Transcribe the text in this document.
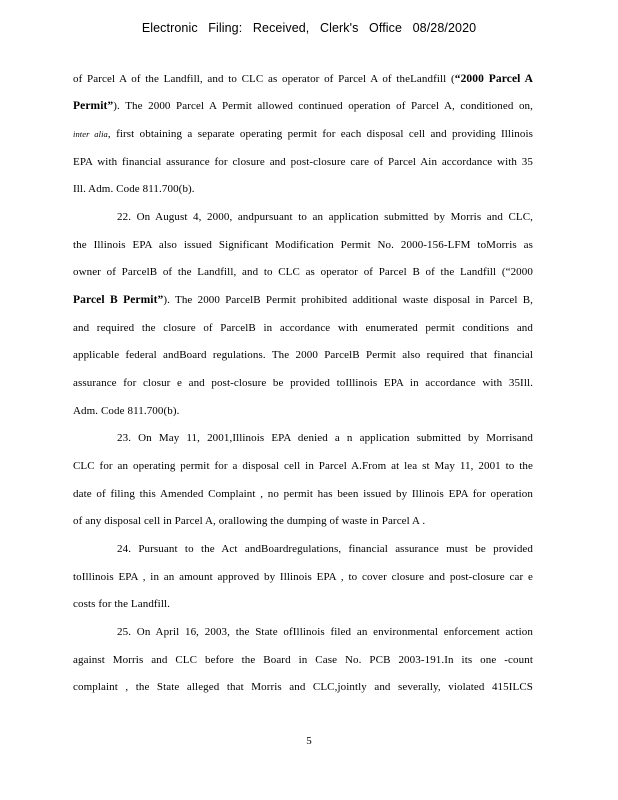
Electronic Filing: Received, Clerk's Office 08/28/2020
of Parcel A of the Landfill, and to CLC as operator of Parcel A of theLandfill (“2000 Parcel A
Permit”). The 2000 Parcel A Permit allowed continued operation of Parcel A, conditioned on,
inter alia, first obtaining a separate operating permit for each disposal cell and providing Illinois
EPA with financial assurance for closure and post-closure care of Parcel Ain accordance with 35
Ill. Adm. Code 811.700(b).
22. On August 4, 2000, andpursuant to an application submitted by Morris and CLC,
the Illinois EPA also issued Significant Modification Permit No. 2000-156-LFM toMorris as
owner of ParcelB of the Landfill, and to CLC as operator of Parcel B of the Landfill (“2000
Parcel B Permit”). The 2000 ParcelB Permit prohibited additional waste disposal in Parcel B,
and required the closure of ParcelB in accordance with enumerated permit conditions and
applicable federal andBoard regulations. The 2000 ParcelB Permit also required that financial
assurance for closur e and post-closure be provided toIllinois EPA in accordance with 35Ill.
Adm. Code 811.700(b).
23. On May 11, 2001,Illinois EPA denied a n application submitted by Morrisand
CLC for an operating permit for a disposal cell in Parcel A.From at lea st May 11, 2001 to the
date of filing this Amended Complaint , no permit has been issued by Illinois EPA for operation
of any disposal cell in Parcel A, orallowing the dumping of waste in Parcel A .
24. Pursuant to the Act andBoardregulations, financial assurance must be provided
toIllinois EPA , in an amount approved by Illinois EPA , to cover closure and post-closure car e
costs for the Landfill.
25. On April 16, 2003, the State ofIllinois filed an environmental enforcement action
against Morris and CLC before the Board in Case No. PCB 2003-191.In its one -count
complaint , the State alleged that Morris and CLC,jointly and severally, violated 415ILCS
5
